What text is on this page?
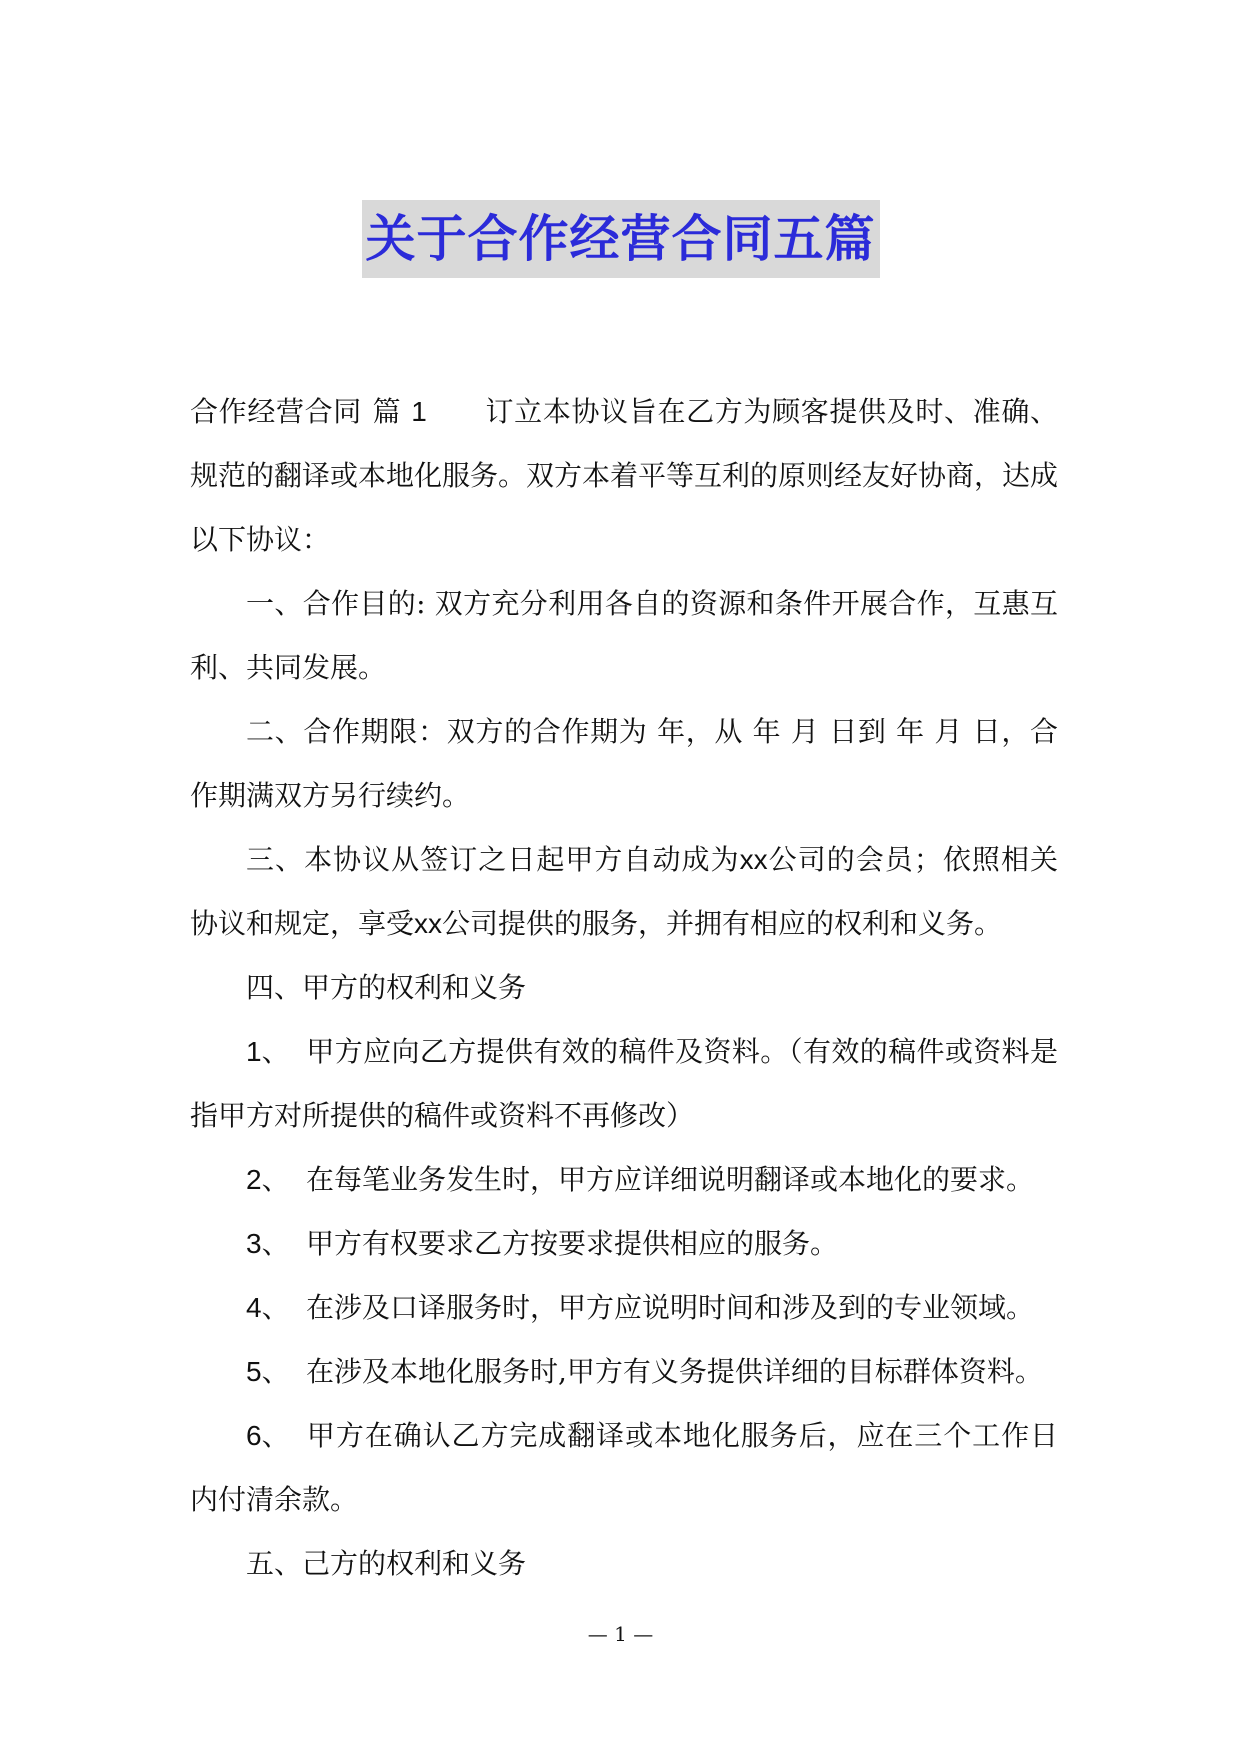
关于合作经营合同五篇

合作经营合同 篇 1 订立本协议旨在乙方为顾客提供及时、准确、规范的翻译或本地化服务。双方本着平等互利的原则经友好协商，达成以下协议：

一、合作目的: 双方充分利用各自的资源和条件开展合作，互惠互利、共同发展。

二、合作期限：双方的合作期为 年，从 年 月 日到 年 月 日，合作期满双方另行续约。

三、本协议从签订之日起甲方自动成为xx公司的会员；依照相关协议和规定，享受xx公司提供的服务，并拥有相应的权利和义务。

四、甲方的权利和义务

1、 甲方应向乙方提供有效的稿件及资料。（有效的稿件或资料是指甲方对所提供的稿件或资料不再修改）

2、 在每笔业务发生时，甲方应详细说明翻译或本地化的要求。

3、 甲方有权要求乙方按要求提供相应的服务。

4、 在涉及口译服务时，甲方应说明时间和涉及到的专业领域。

5、 在涉及本地化服务时,甲方有义务提供详细的目标群体资料。

6、 甲方在确认乙方完成翻译或本地化服务后，应在三个工作日内付清余款。

五、己方的权利和义务

— 1 —
